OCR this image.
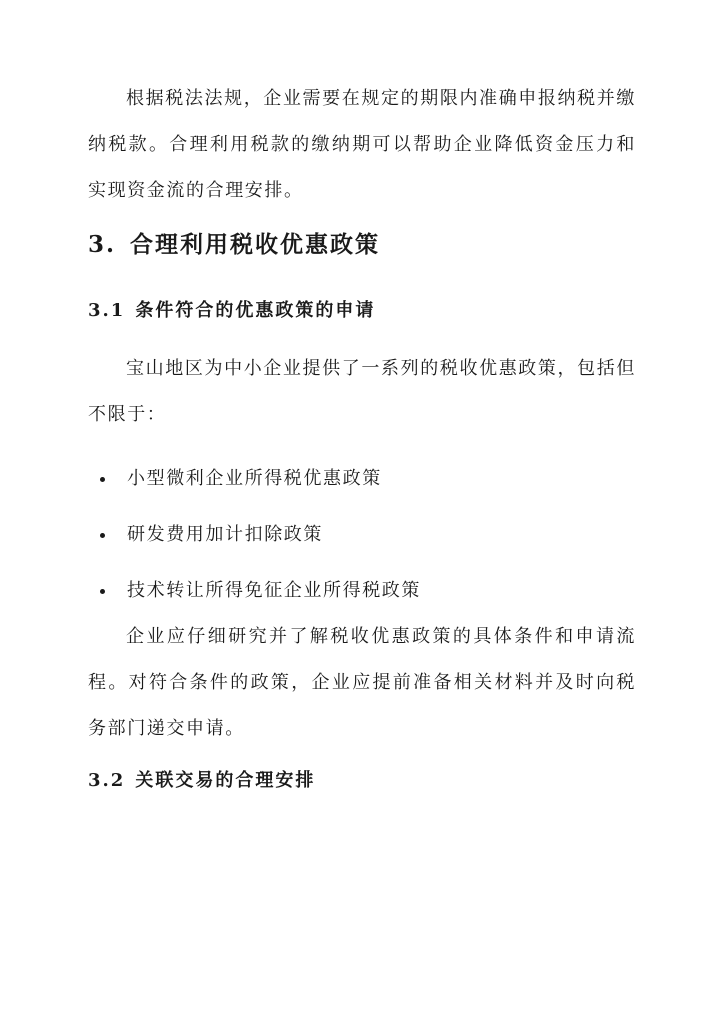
根据税法法规，企业需要在规定的期限内准确申报纳税并缴纳税款。合理利用税款的缴纳期可以帮助企业降低资金压力和实现资金流的合理安排。

3. 合理利用税收优惠政策
3.1 条件符合的优惠政策的申请

宝山地区为中小企业提供了一系列的税收优惠政策，包括但不限于：

小型微利企业所得税优惠政策
研发费用加计扣除政策
技术转让所得免征企业所得税政策

企业应仔细研究并了解税收优惠政策的具体条件和申请流程。对符合条件的政策，企业应提前准备相关材料并及时向税务部门递交申请。

3.2 关联交易的合理安排
